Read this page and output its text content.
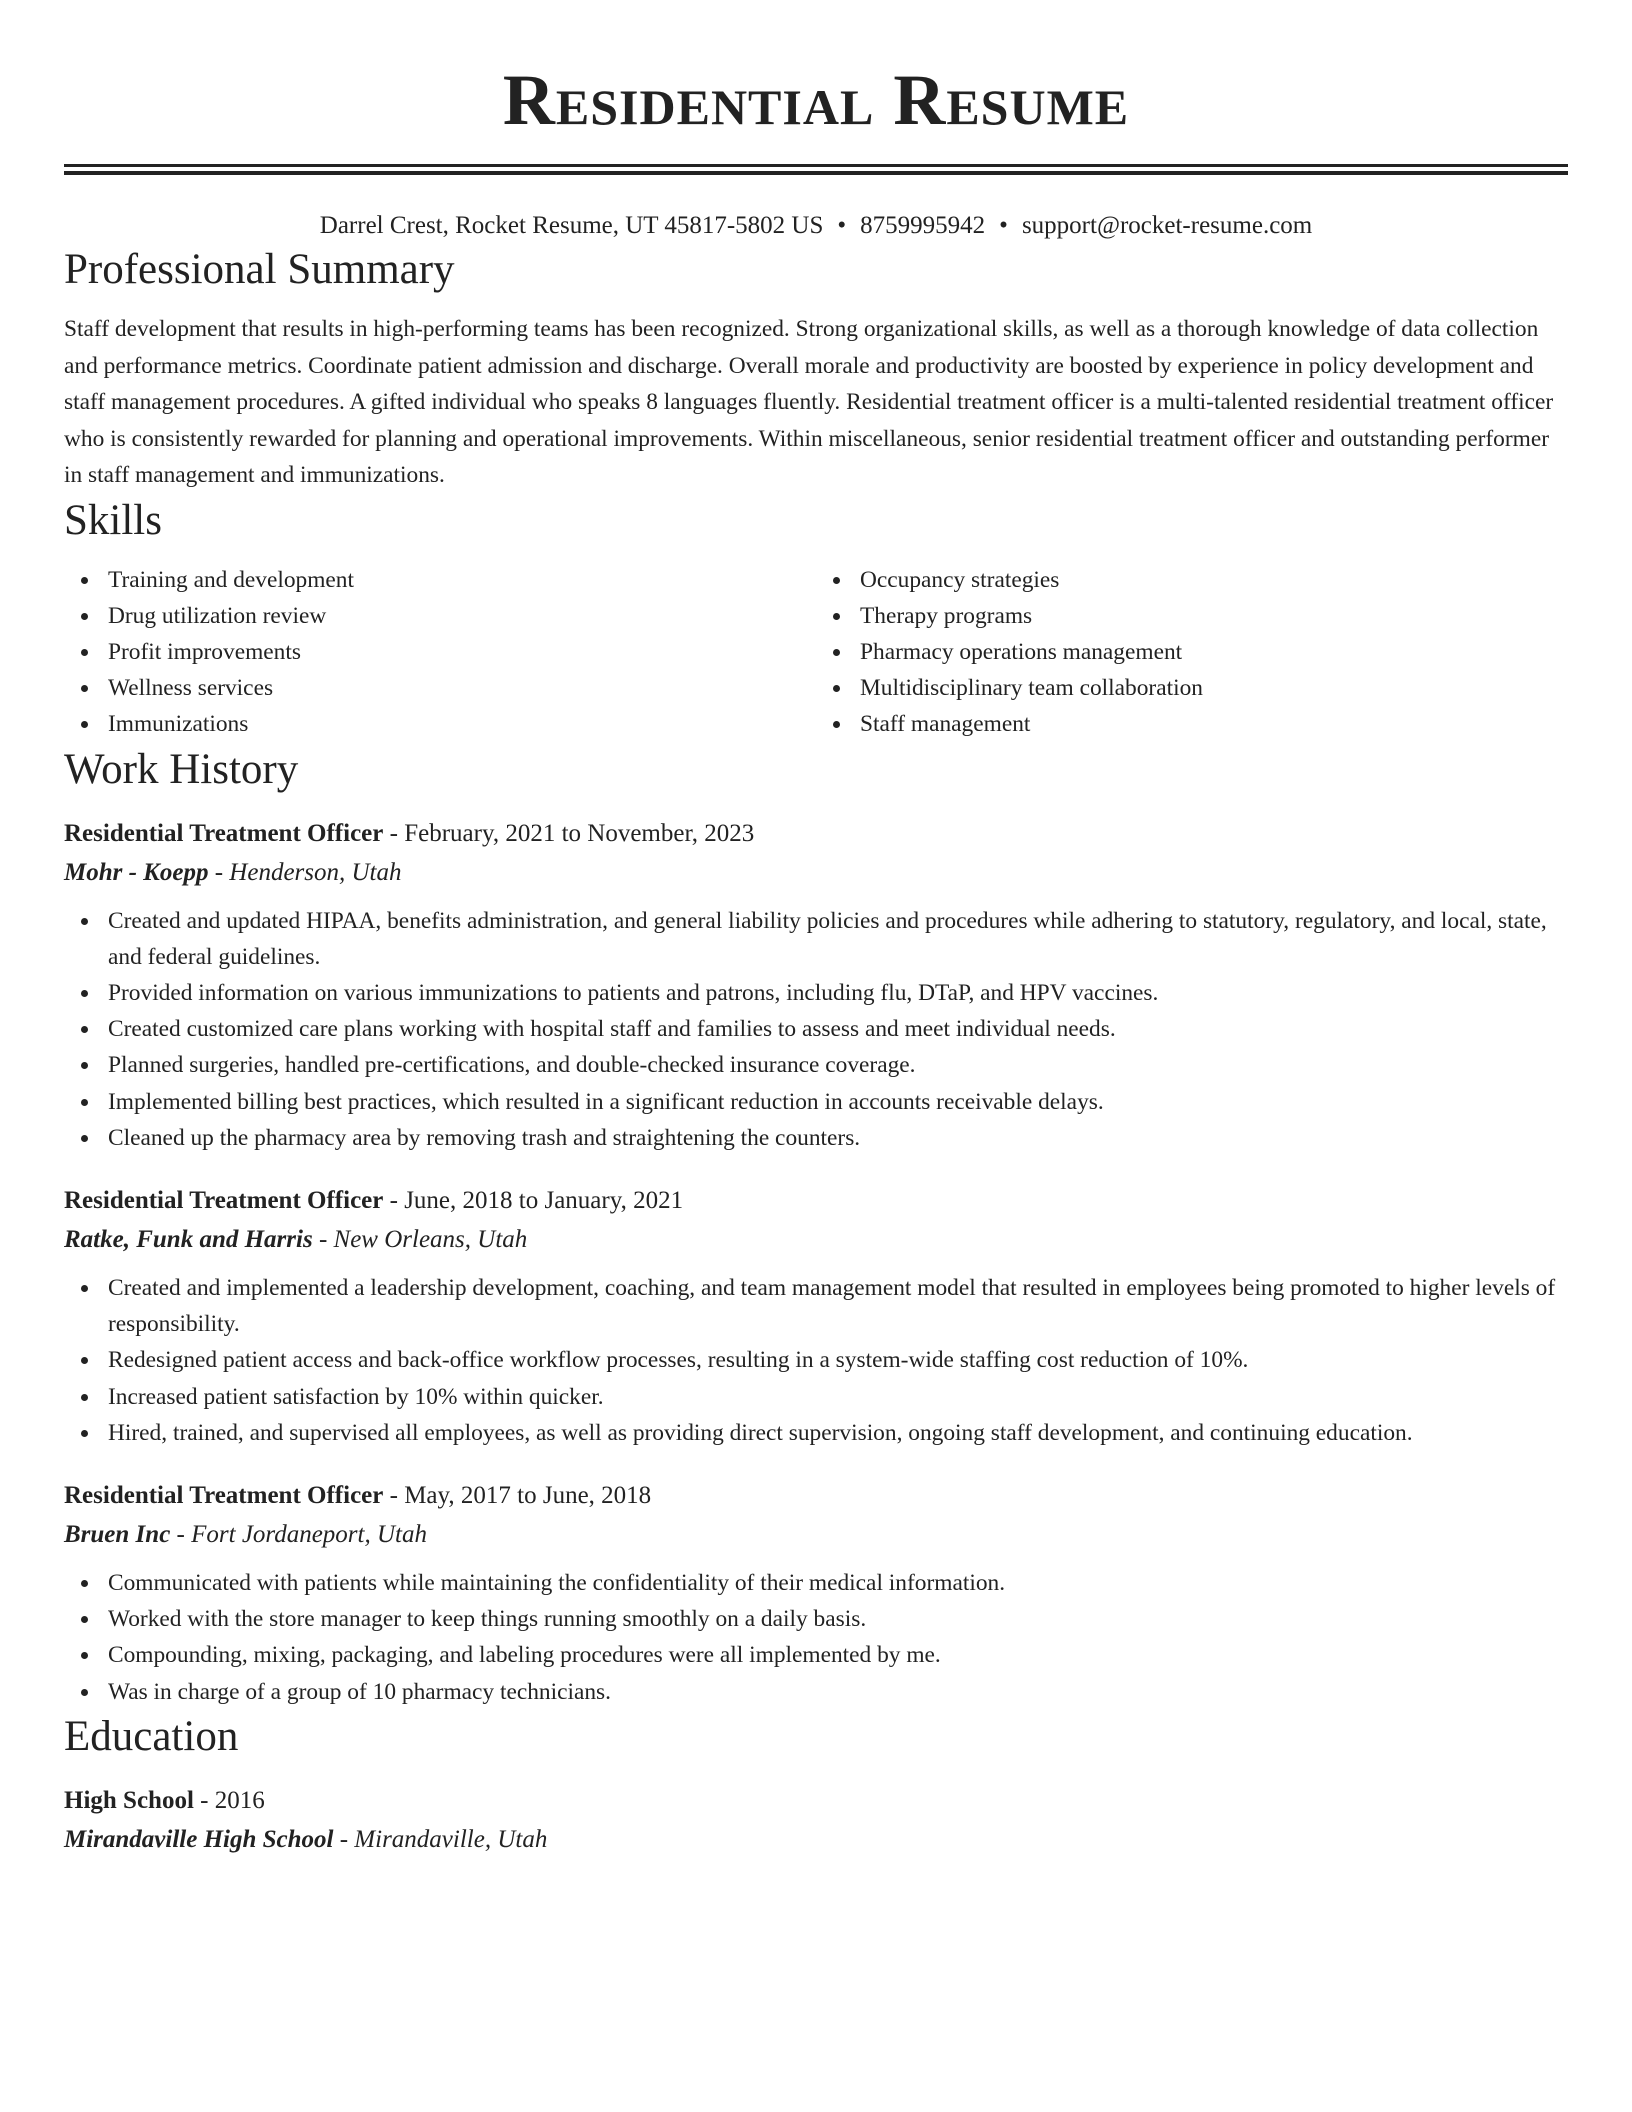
Residential Resume
Darrel Crest, Rocket Resume, UT 45817-5802 US • 8759995942 • support@rocket-resume.com
Professional Summary

Staff development that results in high-performing teams has been recognized. Strong organizational skills, as well as a thorough knowledge of data collection and performance metrics. Coordinate patient admission and discharge. Overall morale and productivity are boosted by experience in policy development and staff management procedures. A gifted individual who speaks 8 languages fluently. Residential treatment officer is a multi-talented residential treatment officer who is consistently rewarded for planning and operational improvements. Within miscellaneous, senior residential treatment officer and outstanding performer in staff management and immunizations.

Skills
Training and development
Drug utilization review
Profit improvements
Wellness services
Immunizations
Occupancy strategies
Therapy programs
Pharmacy operations management
Multidisciplinary team collaboration
Staff management
Work History
Residential Treatment Officer - February, 2021 to November, 2023
Mohr - Koepp - Henderson, Utah
Created and updated HIPAA, benefits administration, and general liability policies and procedures while adhering to statutory, regulatory, and local, state, and federal guidelines.
Provided information on various immunizations to patients and patrons, including flu, DTaP, and HPV vaccines.
Created customized care plans working with hospital staff and families to assess and meet individual needs.
Planned surgeries, handled pre-certifications, and double-checked insurance coverage.
Implemented billing best practices, which resulted in a significant reduction in accounts receivable delays.
Cleaned up the pharmacy area by removing trash and straightening the counters.
Residential Treatment Officer - June, 2018 to January, 2021
Ratke, Funk and Harris - New Orleans, Utah
Created and implemented a leadership development, coaching, and team management model that resulted in employees being promoted to higher levels of responsibility.
Redesigned patient access and back-office workflow processes, resulting in a system-wide staffing cost reduction of 10%.
Increased patient satisfaction by 10% within quicker.
Hired, trained, and supervised all employees, as well as providing direct supervision, ongoing staff development, and continuing education.
Residential Treatment Officer - May, 2017 to June, 2018
Bruen Inc - Fort Jordaneport, Utah
Communicated with patients while maintaining the confidentiality of their medical information.
Worked with the store manager to keep things running smoothly on a daily basis.
Compounding, mixing, packaging, and labeling procedures were all implemented by me.
Was in charge of a group of 10 pharmacy technicians.
Education
High School - 2016
Mirandaville High School - Mirandaville, Utah
